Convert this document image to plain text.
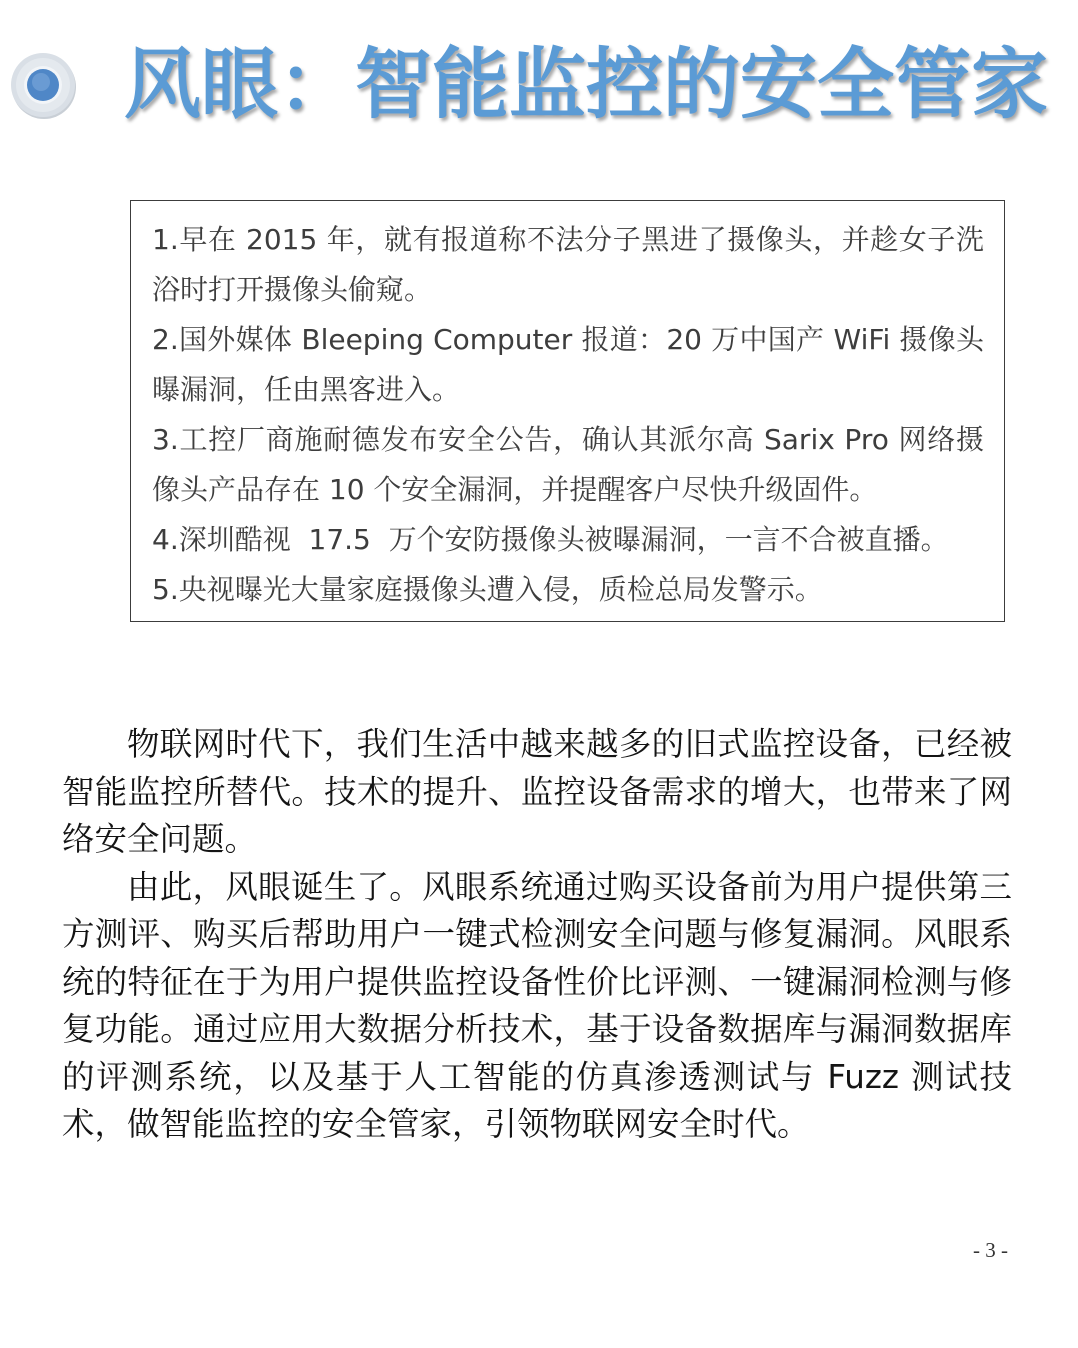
风眼：智能监控的安全管家

1.早在 2015 年，就有报道称不法分子黑进了摄像头，并趁女子洗浴时打开摄像头偷窥。

2.国外媒体 Bleeping Computer 报道：20 万中国产 WiFi 摄像头曝漏洞，任由黑客进入。

3.工控厂商施耐德发布安全公告，确认其派尔高 Sarix Pro 网络摄像头产品存在 10 个安全漏洞，并提醒客户尽快升级固件。

4.深圳酷视  17.5  万个安防摄像头被曝漏洞，一言不合被直播。

5.央视曝光大量家庭摄像头遭入侵，质检总局发警示。

物联网时代下，我们生活中越来越多的旧式监控设备，已经被智能监控所替代。技术的提升、监控设备需求的增大，也带来了网络安全问题。

由此，风眼诞生了。风眼系统通过购买设备前为用户提供第三方测评、购买后帮助用户一键式检测安全问题与修复漏洞。风眼系统的特征在于为用户提供监控设备性价比评测、一键漏洞检测与修复功能。通过应用大数据分析技术，基于设备数据库与漏洞数据库的评测系统，以及基于人工智能的仿真渗透测试与 Fuzz 测试技术，做智能监控的安全管家，引领物联网安全时代。

- 3 -
